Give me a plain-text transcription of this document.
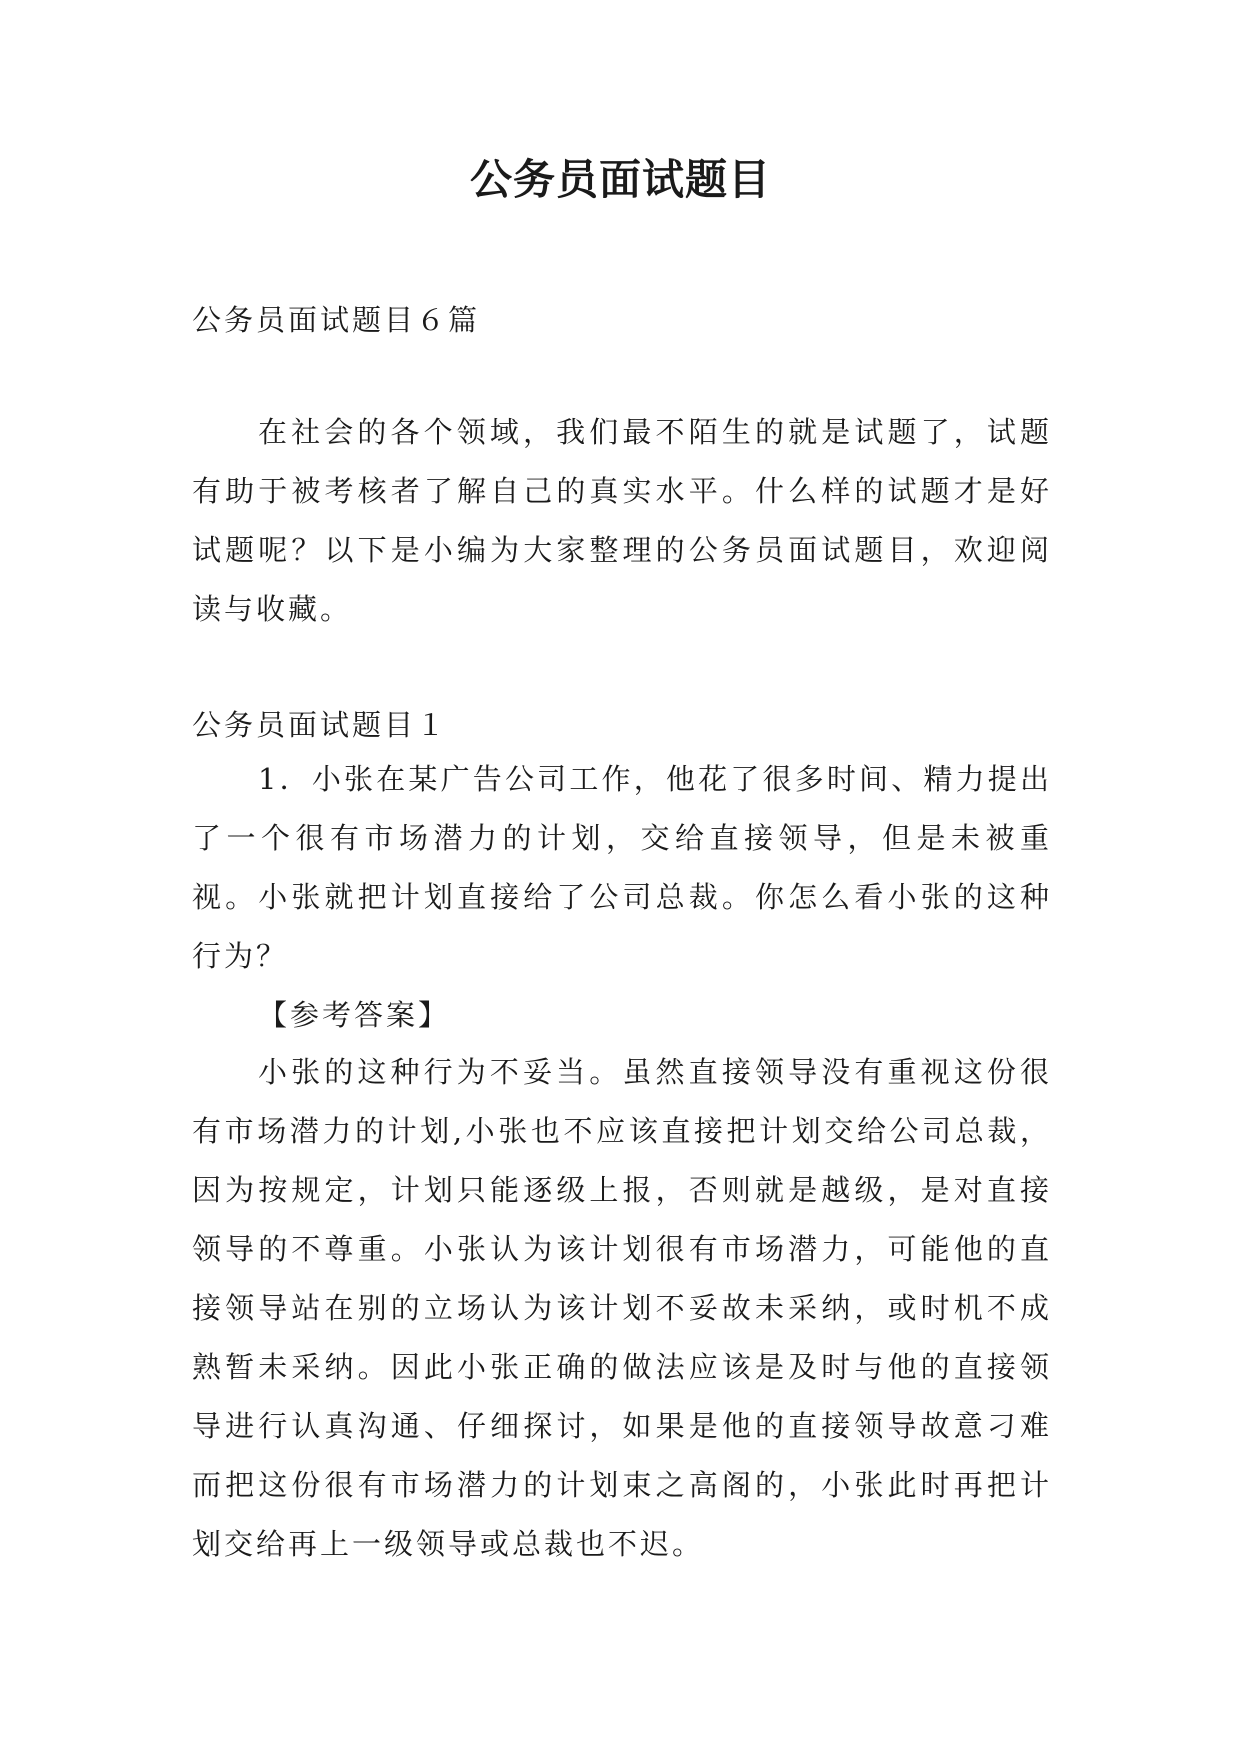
公务员面试题目

公务员面试题目６篇

在社会的各个领域，我们最不陌生的就是试题了，试题有助于被考核者了解自己的真实水平。什么样的试题才是好试题呢？以下是小编为大家整理的公务员面试题目，欢迎阅读与收藏。

公务员面试题目１

1．小张在某广告公司工作，他花了很多时间、精力提出了一个很有市场潜力的计划，交给直接领导，但是未被重视。小张就把计划直接给了公司总裁。你怎么看小张的这种行为？

【参考答案】

小张的这种行为不妥当。虽然直接领导没有重视这份很有市场潜力的计划,小张也不应该直接把计划交给公司总裁，因为按规定，计划只能逐级上报，否则就是越级，是对直接领导的不尊重。小张认为该计划很有市场潜力，可能他的直接领导站在别的立场认为该计划不妥故未采纳，或时机不成熟暂未采纳。因此小张正确的做法应该是及时与他的直接领导进行认真沟通、仔细探讨，如果是他的直接领导故意刁难而把这份很有市场潜力的计划束之高阁的，小张此时再把计划交给再上一级领导或总裁也不迟。
